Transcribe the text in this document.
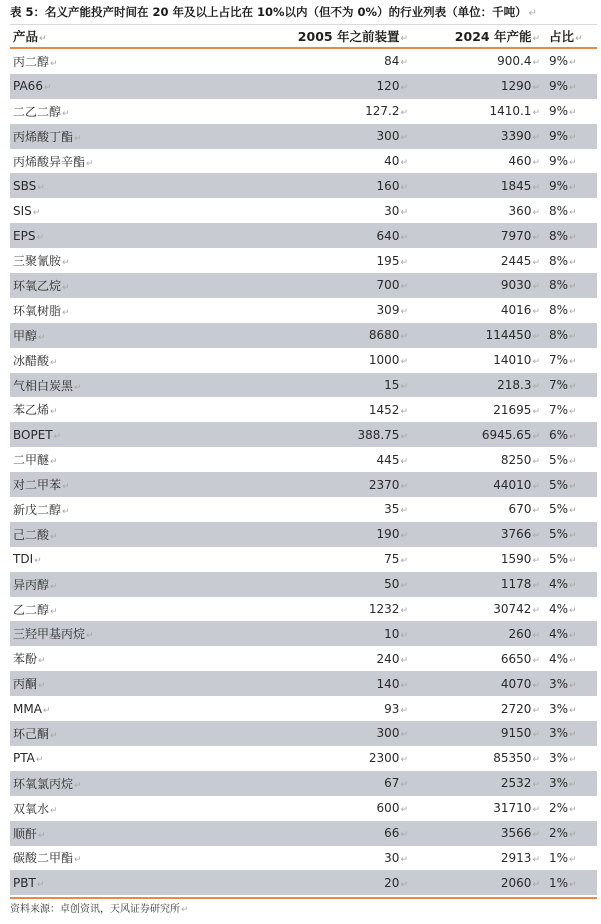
表 5：名义产能投产时间在 20 年及以上占比在 10%以内（但不为 0%）的行业列表（单位：千吨） ↵
产品↵	2005 年之前装置↵	2024 年产能↵ 占比↵
丙二醇↵	84↵	900.4↵ 9%↵
PA66↵	120↵	1290↵ 9%↵
二乙二醇↵	127.2↵	1410.1↵ 9%↵
丙烯酸丁酯↵	300↵	3390↵ 9%↵
丙烯酸异辛酯↵	40↵	460↵ 9%↵
SBS↵	160↵	1845↵ 9%↵
SIS↵	30↵	360↵ 8%↵
EPS↵	640↵	7970↵ 8%↵
三聚氰胺↵	195↵	2445↵ 8%↵
环氧乙烷↵	700↵	9030↵ 8%↵
环氧树脂↵	309↵	4016↵ 8%↵
甲醇↵	8680↵	114450↵ 8%↵
冰醋酸↵	1000↵	14010↵ 7%↵
气相白炭黑↵	15↵	218.3↵ 7%↵
苯乙烯↵	1452↵	21695↵ 7%↵
BOPET↵	388.75↵	6945.65↵ 6%↵
二甲醚↵	445↵	8250↵ 5%↵
对二甲苯↵	2370↵	44010↵ 5%↵
新戊二醇↵	35↵	670↵ 5%↵
己二酸↵	190↵	3766↵ 5%↵
TDI↵	75↵	1590↵ 5%↵
异丙醇↵	50↵	1178↵ 4%↵
乙二醇↵	1232↵	30742↵ 4%↵
三羟甲基丙烷↵	10↵	260↵ 4%↵
苯酚↵	240↵	6650↵ 4%↵
丙酮↵	140↵	4070↵ 3%↵
MMA↵	93↵	2720↵ 3%↵
环己酮↵	300↵	9150↵ 3%↵
PTA↵	2300↵	85350↵ 3%↵
环氧氯丙烷↵	67↵	2532↵ 3%↵
双氧水↵	600↵	31710↵ 2%↵
顺酐↵	66↵	3566↵ 2%↵
碳酸二甲酯↵	30↵	2913↵ 1%↵
PBT↵	20↵	2060↵ 1%↵
资料来源：卓创资讯，天风证券研究所↵
